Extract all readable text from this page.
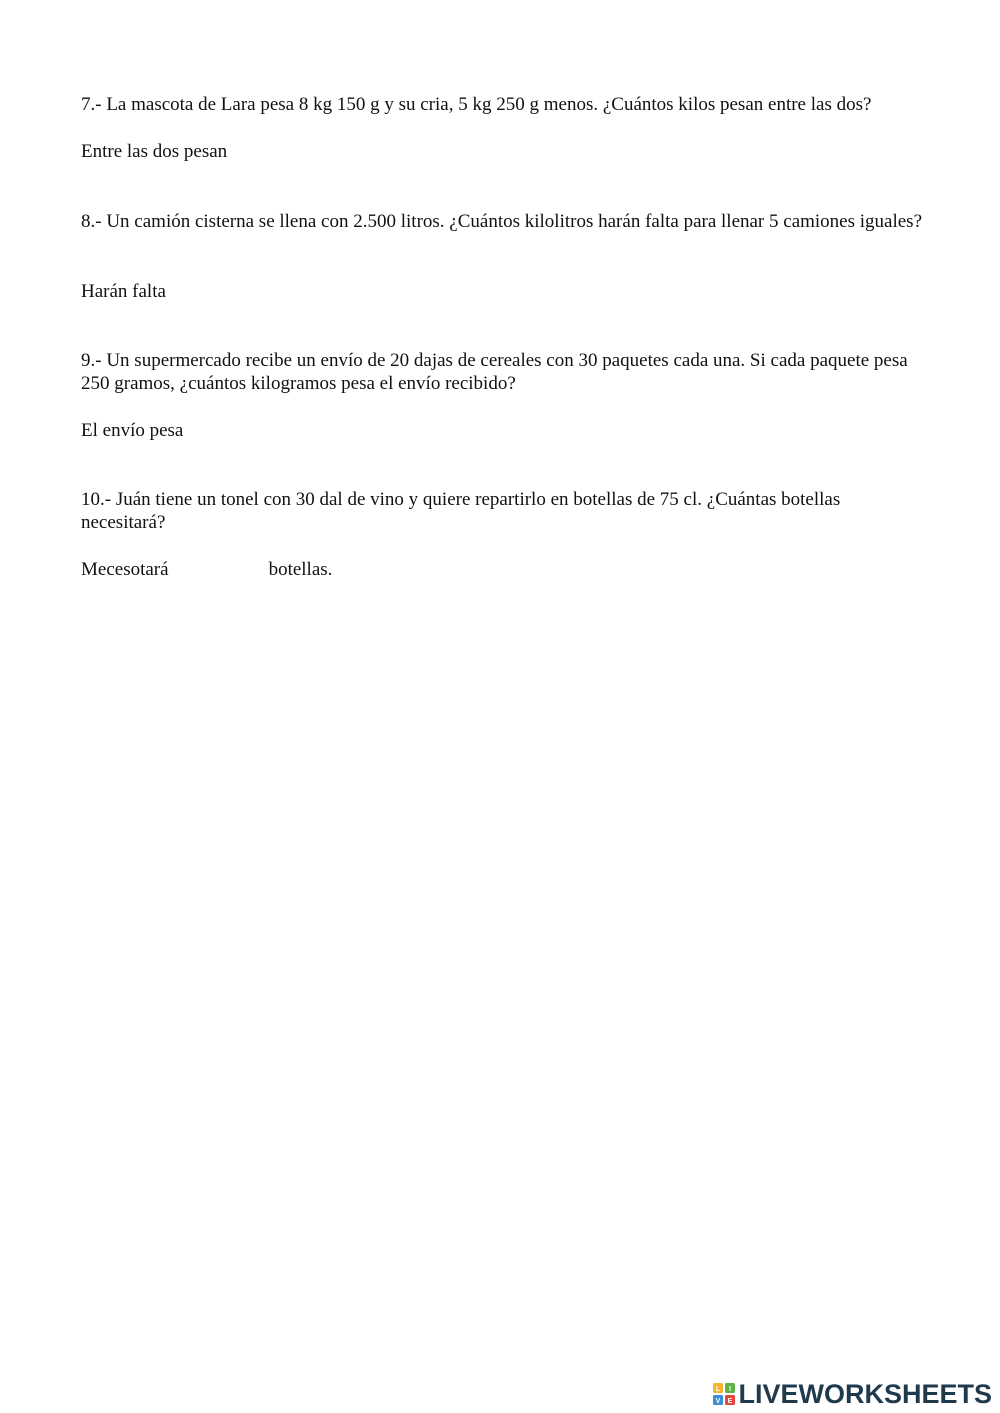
7.- La mascota de Lara pesa 8 kg 150 g y su cria, 5 kg 250 g menos. ¿Cuántos kilos pesan entre las dos?

Entre las dos pesan

8.- Un camión cisterna se llena con 2.500 litros. ¿Cuántos kilolitros harán falta para llenar 5 camiones iguales?

Harán falta

9.- Un supermercado recibe un envío de 20 dajas de cereales con 30 paquetes cada una. Si cada paquete pesa 250 gramos, ¿cuántos kilogramos pesa el envío recibido?

El envío pesa

10.- Juán tiene un tonel con 30 dal de vino y quiere repartirlo en botellas de 75 cl. ¿Cuántas botellas necesitará?

Mecesotará	botellas.

L I
V E LIVEWORKSHEETS
